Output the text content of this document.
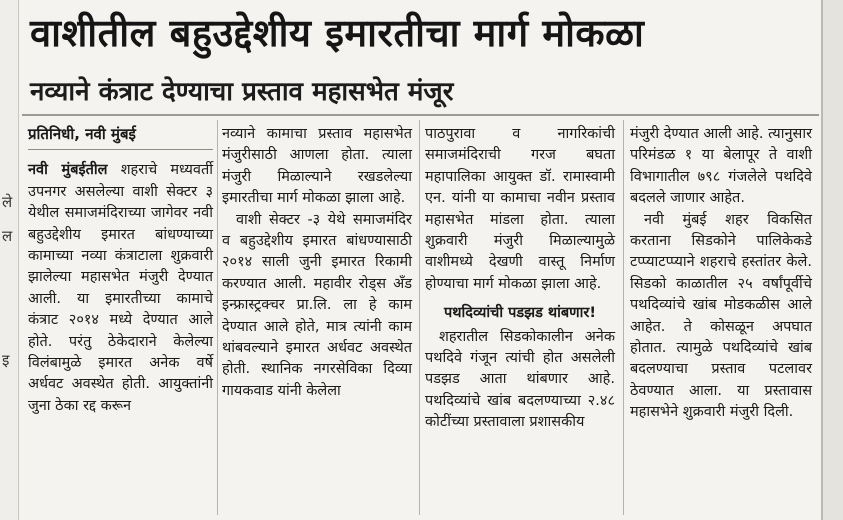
ले
ल
इ
वाशीतील बहुउद्देशीय इमारतीचा मार्ग मोकळा
नव्याने कंत्राट देण्याचा प्रस्ताव महासभेत मंजूर
प्रतिनिधी, नवी मुंबई

नवी मुंबईतील शहराचे मध्यवर्ती उपनगर असलेल्या वाशी सेक्टर ३ येथील समाजमंदिराच्या जागेवर नवी बहुउद्देशीय इमारत बांधण्याच्या कामाच्या नव्या कंत्राटाला शुक्रवारी झालेल्या महासभेत मंजुरी देण्यात आली. या इमारतीच्या कामाचे कंत्राट २०१४ मध्ये देण्यात आले होते. परंतु ठेकेदाराने केलेल्या विलंबामुळे इमारत अनेक वर्षे अर्धवट अवस्थेत होती. आयुक्तांनी जुना ठेका रद्द करून

नव्याने कामाचा प्रस्ताव महासभेत मंजुरीसाठी आणला होता. त्याला मंजुरी मिळाल्याने रखडलेल्या इमारतीचा मार्ग मोकळा झाला आहे.

वाशी सेक्टर -३ येथे समाजमंदिर व बहुउद्देशीय इमारत बांधण्यासाठी २०१४ साली जुनी इमारत रिकामी करण्यात आली. महावीर रोड्स अँड इन्फ्रास्ट्रक्चर प्रा.लि. ला हे काम देण्यात आले होते, मात्र त्यांनी काम थांबवल्याने इमारत अर्धवट अवस्थेत होती. स्थानिक नगरसेविका दिव्या गायकवाड यांनी केलेला

पाठपुरावा व नागरिकांची समाजमंदिराची गरज बघता महापालिका आयुक्त डॉ. रामास्वामी एन. यांनी या कामाचा नवीन प्रस्ताव महासभेत मांडला होता. त्याला शुक्रवारी मंजुरी मिळाल्यामुळे वाशीमध्ये देखणी वास्तू निर्माण होण्याचा मार्ग मोकळा झाला आहे.

पथदिव्यांची पडझड थांबणार!

शहरातील सिडकोकालीन अनेक पथदिवे गंजून त्यांची होत असलेली पडझड आता थांबणार आहे. पथदिव्यांचे खांब बदलण्याच्या २.४८ कोटींच्या प्रस्तावाला प्रशासकीय

मंजुरी देण्यात आली आहे. त्यानुसार परिमंडळ १ या बेलापूर ते वाशी विभागातील ७९८ गंजलेले पथदिवे बदलले जाणार आहेत.

नवी मुंबई शहर विकसित करताना सिडकोने पालिकेकडे टप्प्याटप्प्याने शहराचे हस्तांतर केले. सिडको काळातील २५ वर्षांपूर्वीचे पथदिव्यांचे खांब मोडकळीस आले आहेत. ते कोसळून अपघात होतात. त्यामुळे पथदिव्यांचे खांब बदलण्याचा प्रस्ताव पटलावर ठेवण्यात आला. या प्रस्तावास महासभेने शुक्रवारी मंजुरी दिली.
